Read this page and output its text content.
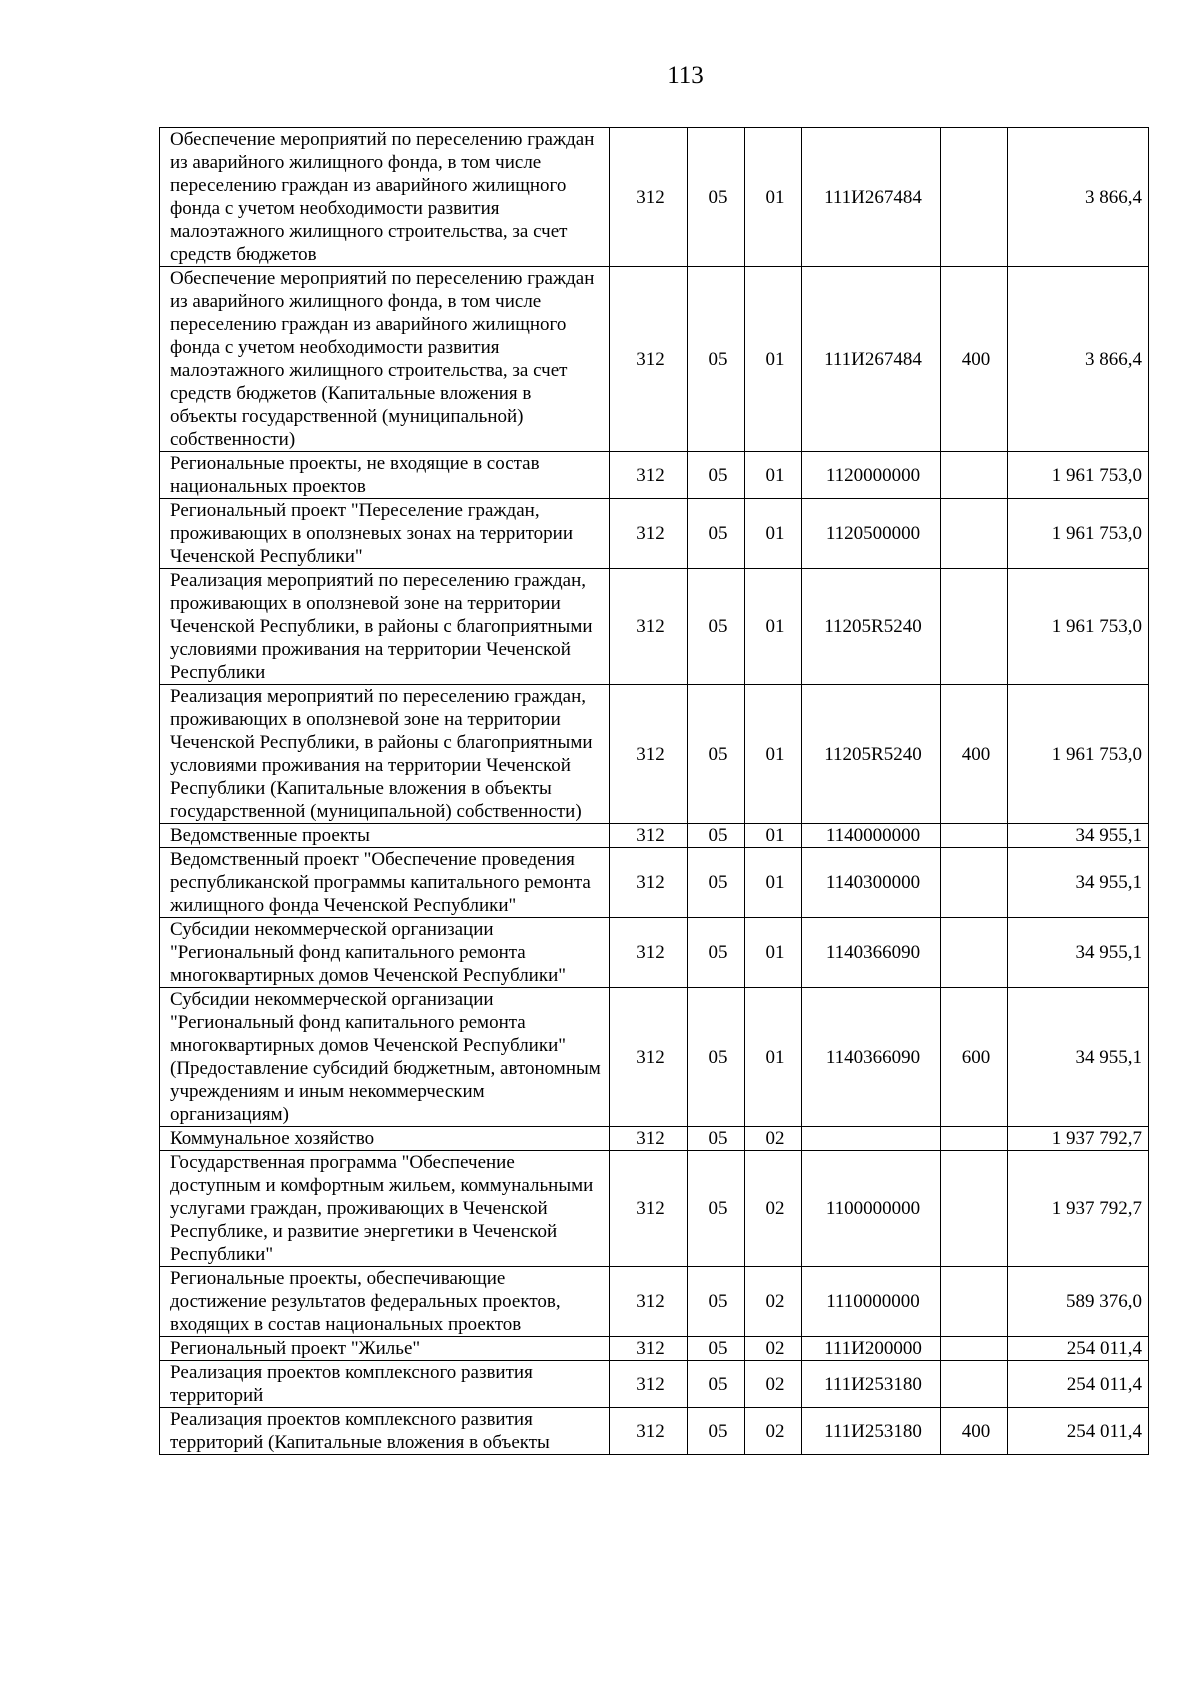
113
Обеспечение мероприятий по переселению граждан из аварийного жилищного фонда, в том числе переселению граждан из аварийного жилищного фонда с учетом необходимости развития малоэтажного жилищного строительства, за счет средств бюджетов	312	05	01	111И267484		3 866,4
Обеспечение мероприятий по переселению граждан из аварийного жилищного фонда, в том числе переселению граждан из аварийного жилищного фонда с учетом необходимости развития малоэтажного жилищного строительства, за счет средств бюджетов (Капитальные вложения в объекты государственной (муниципальной) собственности)	312	05	01	111И267484	400	3 866,4
Региональные проекты, не входящие в состав национальных проектов	312	05	01	1120000000		1 961 753,0
Региональный проект "Переселение граждан, проживающих в оползневых зонах на территории Чеченской Республики"	312	05	01	1120500000		1 961 753,0
Реализация мероприятий по переселению граждан, проживающих в оползневой зоне на территории Чеченской Республики, в районы с благоприятными условиями проживания на территории Чеченской Республики	312	05	01	11205R5240		1 961 753,0
Реализация мероприятий по переселению граждан, проживающих в оползневой зоне на территории Чеченской Республики, в районы с благоприятными условиями проживания на территории Чеченской Республики (Капитальные вложения в объекты государственной (муниципальной) собственности)	312	05	01	11205R5240	400	1 961 753,0
Ведомственные проекты	312	05	01	1140000000		34 955,1
Ведомственный проект "Обеспечение проведения республиканской программы капитального ремонта жилищного фонда Чеченской Республики"	312	05	01	1140300000		34 955,1
Субсидии некоммерческой организации "Региональный фонд капитального ремонта многоквартирных домов Чеченской Республики"	312	05	01	1140366090		34 955,1
Субсидии некоммерческой организации "Региональный фонд капитального ремонта многоквартирных домов Чеченской Республики" (Предоставление субсидий бюджетным, автономным учреждениям и иным некоммерческим организациям)	312	05	01	1140366090	600	34 955,1
Коммунальное хозяйство	312	05	02			1 937 792,7
Государственная программа "Обеспечение доступным и комфортным жильем, коммунальными услугами граждан, проживающих в Чеченской Республике, и развитие энергетики в Чеченской Республики"	312	05	02	1100000000		1 937 792,7
Региональные проекты, обеспечивающие достижение результатов федеральных проектов, входящих в состав национальных проектов	312	05	02	1110000000		589 376,0
Региональный проект "Жилье"	312	05	02	111И200000		254 011,4
Реализация проектов комплексного развития территорий	312	05	02	111И253180		254 011,4
Реализация проектов комплексного развития территорий (Капитальные вложения в объекты	312	05	02	111И253180	400	254 011,4
